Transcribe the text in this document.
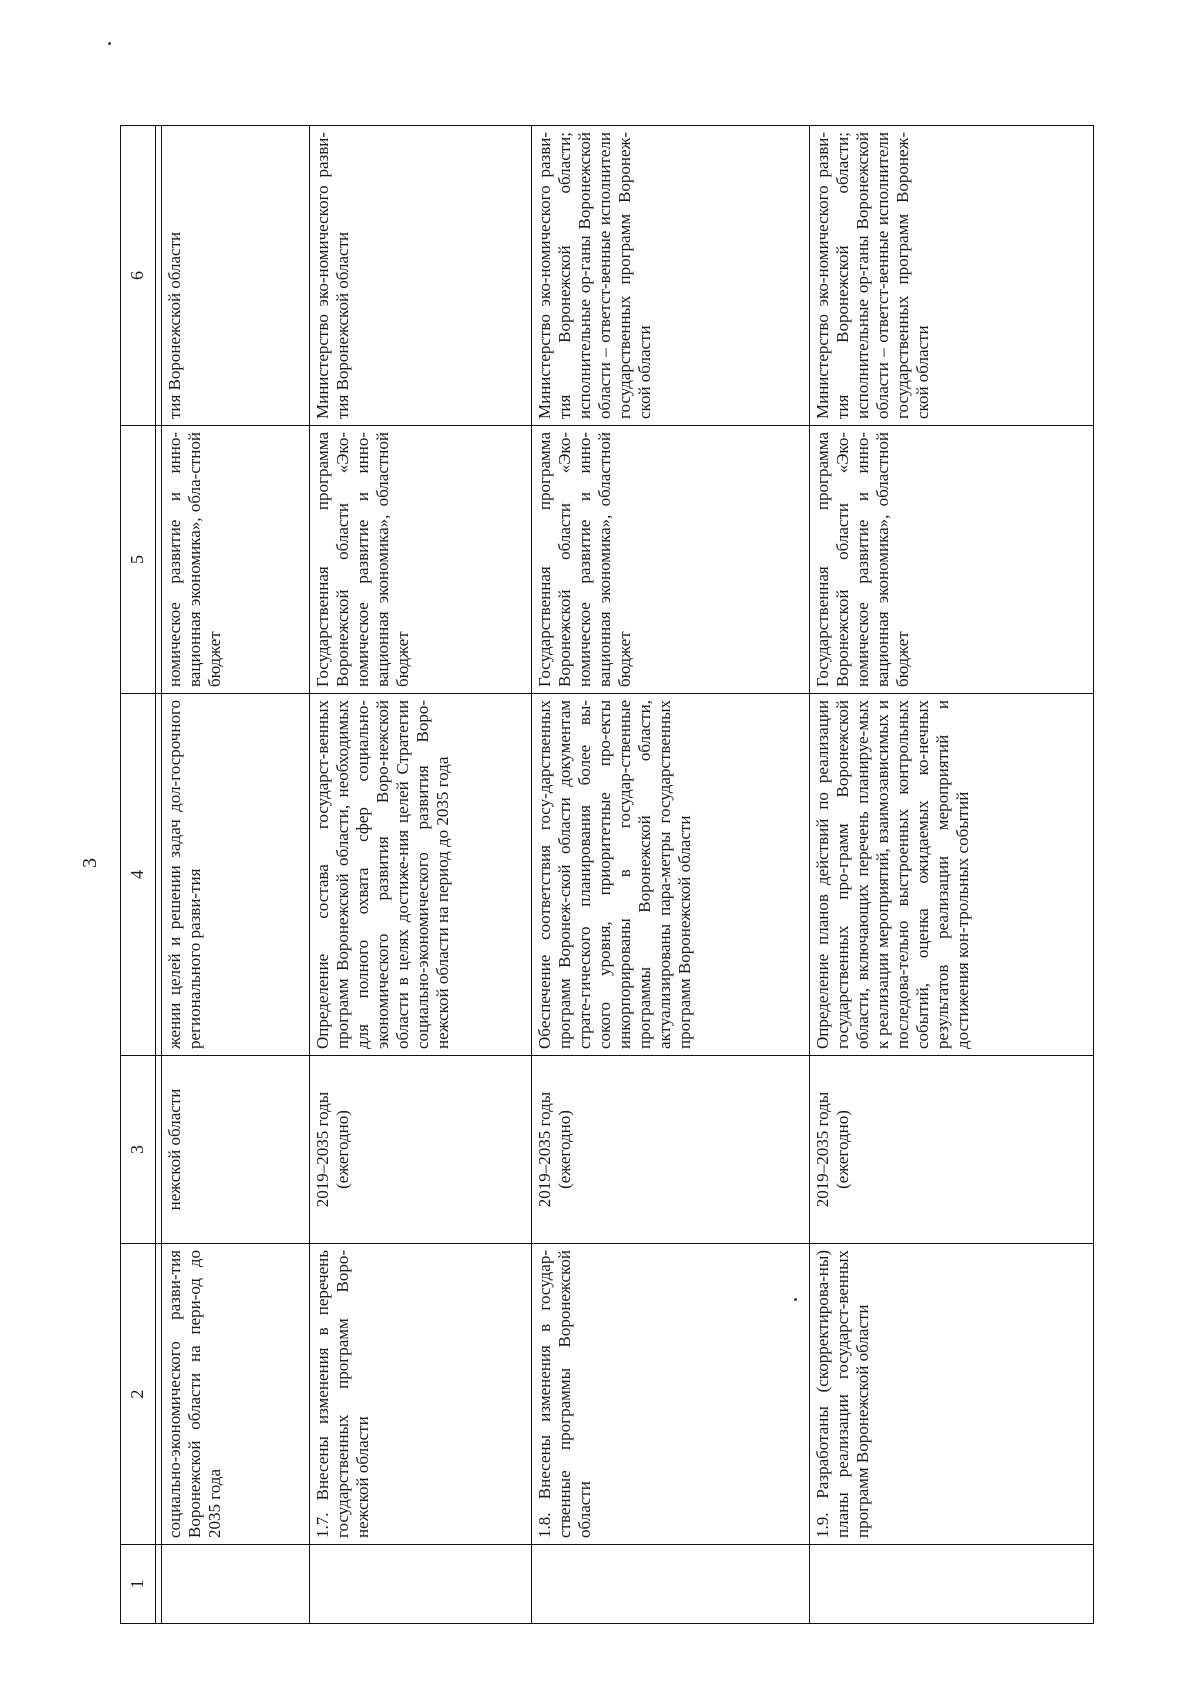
3
1	2	3	4	5	6

	социально-экономического разви-тия Воронежской области на пери-од до 2035 года	нежской области	жении целей и решении задач дол-госрочного регионального разви-тия	номическое развитие и инно-вационная экономика», обла-стной бюджет	тия Воронежской области
	1.7. Внесены изменения в перечень государственных программ Воро-нежской области	2019–2035 годы (ежегодно)	Определение состава государст-венных программ Воронежской области, необходимых для полного охвата сфер социально-экономического развития Воро-нежской области в целях достиже-ния целей Стратегии социально-экономического развития Воро-нежской области на период до 2035 года	Государственная программа Воронежской области «Эко-номическое развитие и инно-вационная экономика», областной бюджет	Министерство эко-номического разви-тия Воронежской области
	1.8. Внесены изменения в государ-ственные программы Воронежской области	2019–2035 годы (ежегодно)	Обеспечение соответствия госу-дарственных программ Воронеж-ской области документам страте-гического планирования более вы-сокого уровня, приоритетные про-екты инкорпорированы в государ-ственные программы Воронежской области, актуализированы пара-метры государственных программ Воронежской области	Государственная программа Воронежской области «Эко-номическое развитие и инно-вационная экономика», областной бюджет	Министерство эко-номического разви-тия Воронежской области; исполнительные ор-ганы Воронежской области – ответст-венные исполнители государственных программ Воронеж-ской области
	1.9. Разработаны (скорректирова-ны) планы реализации государст-венных программ Воронежской области	2019–2035 годы (ежегодно)	Определение планов действий по реализации государственных про-грамм Воронежской области, включающих перечень планируе-мых к реализации мероприятий, взаимозависимых и последова-тельно выстроенных контрольных событий, оценка ожидаемых ко-нечных результатов реализации мероприятий и достижения кон-трольных событий	Государственная программа Воронежской области «Эко-номическое развитие и инно-вационная экономика», областной бюджет	Министерство эко-номического разви-тия Воронежской области; исполнительные ор-ганы Воронежской области – ответст-венные исполнители государственных программ Воронеж-ской области
